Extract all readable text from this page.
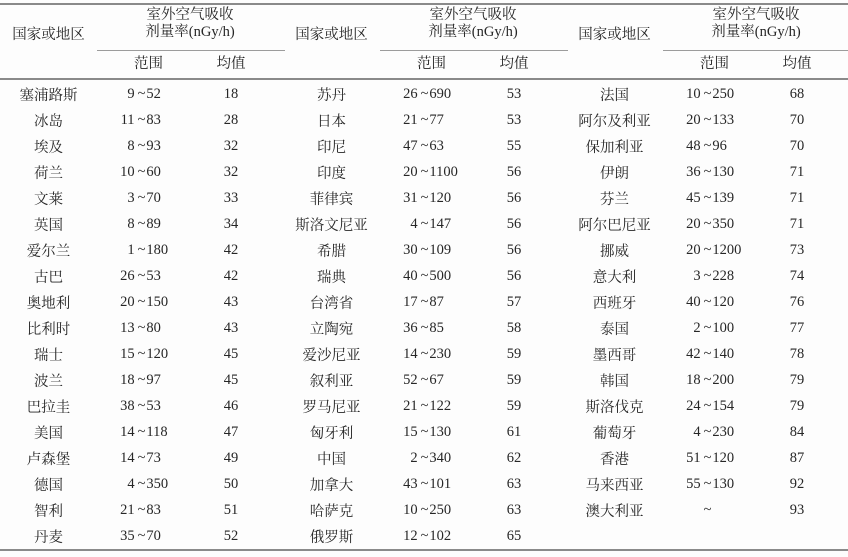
国家或地区
室外空气吸收
剂量率(nGy/h)
范围	均值
塞浦路斯	9 ~ 52	18
冰岛	11 ~ 83	28
埃及	8 ~ 93	32
荷兰	10 ~ 60	32
文莱	3 ~ 70	33
英国	8 ~ 89	34
爱尔兰	1 ~ 180	42
古巴	26 ~ 53	42
奥地利	20 ~ 150	43
比利时	13 ~ 80	43
瑞士	15 ~ 120	45
波兰	18 ~ 97	45
巴拉圭	38 ~ 53	46
美国	14 ~ 118	47
卢森堡	14 ~ 73	49
德国	4 ~ 350	50
智利	21 ~ 83	51
丹麦	35 ~ 70	52
国家或地区
室外空气吸收
剂量率(nGy/h)
范围	均值
苏丹	26 ~ 690	53
日本	21 ~ 77	53
印尼	47 ~ 63	55
印度	20 ~ 1100	56
菲律宾	31 ~ 120	56
斯洛文尼亚	4 ~ 147	56
希腊	30 ~ 109	56
瑞典	40 ~ 500	56
台湾省	17 ~ 87	57
立陶宛	36 ~ 85	58
爱沙尼亚	14 ~ 230	59
叙利亚	52 ~ 67	59
罗马尼亚	21 ~ 122	59
匈牙利	15 ~ 130	61
中国	2 ~ 340	62
加拿大	43 ~ 101	63
哈萨克	10 ~ 250	63
俄罗斯	12 ~ 102	65
国家或地区
室外空气吸收
剂量率(nGy/h)
范围	均值
法国	10 ~ 250	68
阿尔及利亚	20 ~ 133	70
保加利亚	48 ~ 96	70
伊朗	36 ~ 130	71
芬兰	45 ~ 139	71
阿尔巴尼亚	20 ~ 350	71
挪威	20 ~ 1200	73
意大利	3 ~ 228	74
西班牙	40 ~ 120	76
泰国	2 ~ 100	77
墨西哥	42 ~ 140	78
韩国	18 ~ 200	79
斯洛伐克	24 ~ 154	79
葡萄牙	4 ~ 230	84
香港	51 ~ 120	87
马来西亚	55 ~ 130	92
澳大利亚	~	93
